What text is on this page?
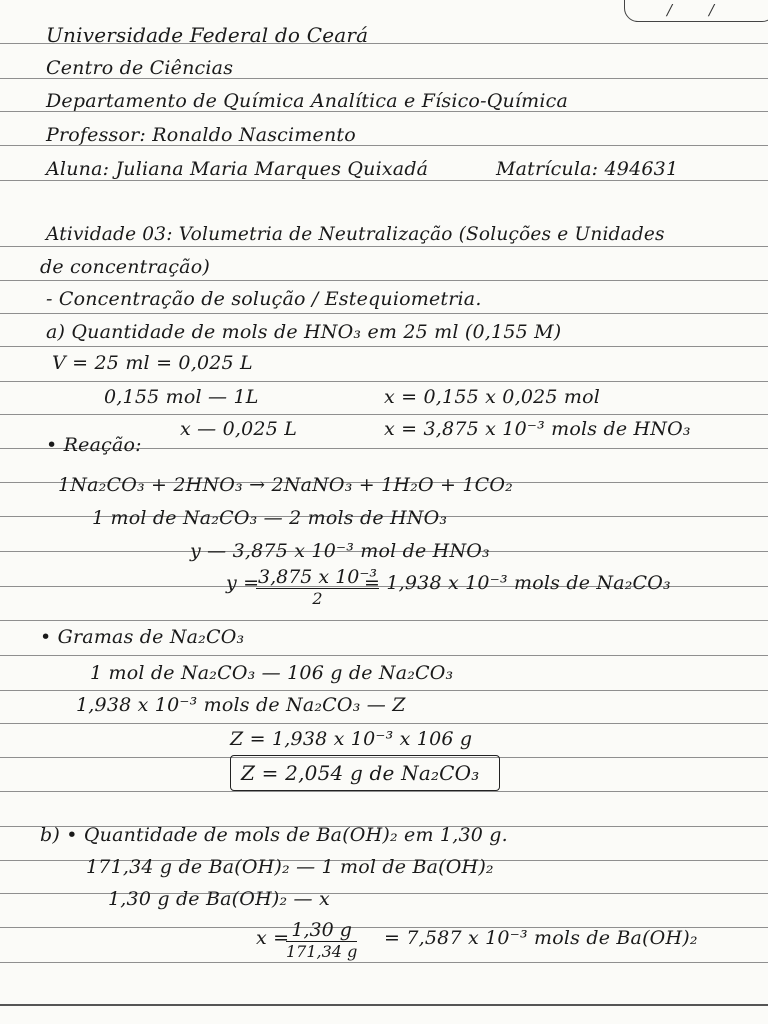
/ /
Universidade Federal do Ceará
Centro de Ciências
Departamento de Química Analítica e Físico-Química
Professor: Ronaldo Nascimento
Aluna: Juliana Maria Marques Quixadá	Matrícula: 494631
Atividade 03: Volumetria de Neutralização (Soluções e Unidades
de concentração)
- Concentração de solução / Estequiometria.
a) Quantidade de mols de HNO₃ em 25 ml (0,155 M)
V = 25 ml = 0,025 L
0,155 mol — 1L	x = 0,155 x 0,025 mol
x — 0,025 L	x = 3,875 x 10⁻³ mols de HNO₃
• Reação:
1Na₂CO₃ + 2HNO₃ → 2NaNO₃ + 1H₂O + 1CO₂
1 mol de Na₂CO₃ — 2 mols de HNO₃
y — 3,875 x 10⁻³ mol de HNO₃
y =
3,875 x 10⁻³
2
= 1,938 x 10⁻³ mols de Na₂CO₃
• Gramas de Na₂CO₃
1 mol de Na₂CO₃ — 106 g de Na₂CO₃
1,938 x 10⁻³ mols de Na₂CO₃ — Z
Z = 1,938 x 10⁻³ x 106 g
Z = 2,054 g de Na₂CO₃
b) • Quantidade de mols de Ba(OH)₂ em 1,30 g.
171,34 g de Ba(OH)₂ — 1 mol de Ba(OH)₂
1,30 g de Ba(OH)₂ — x
x = 1,30 g
171,34 g
= 7,587 x 10⁻³ mols de Ba(OH)₂
